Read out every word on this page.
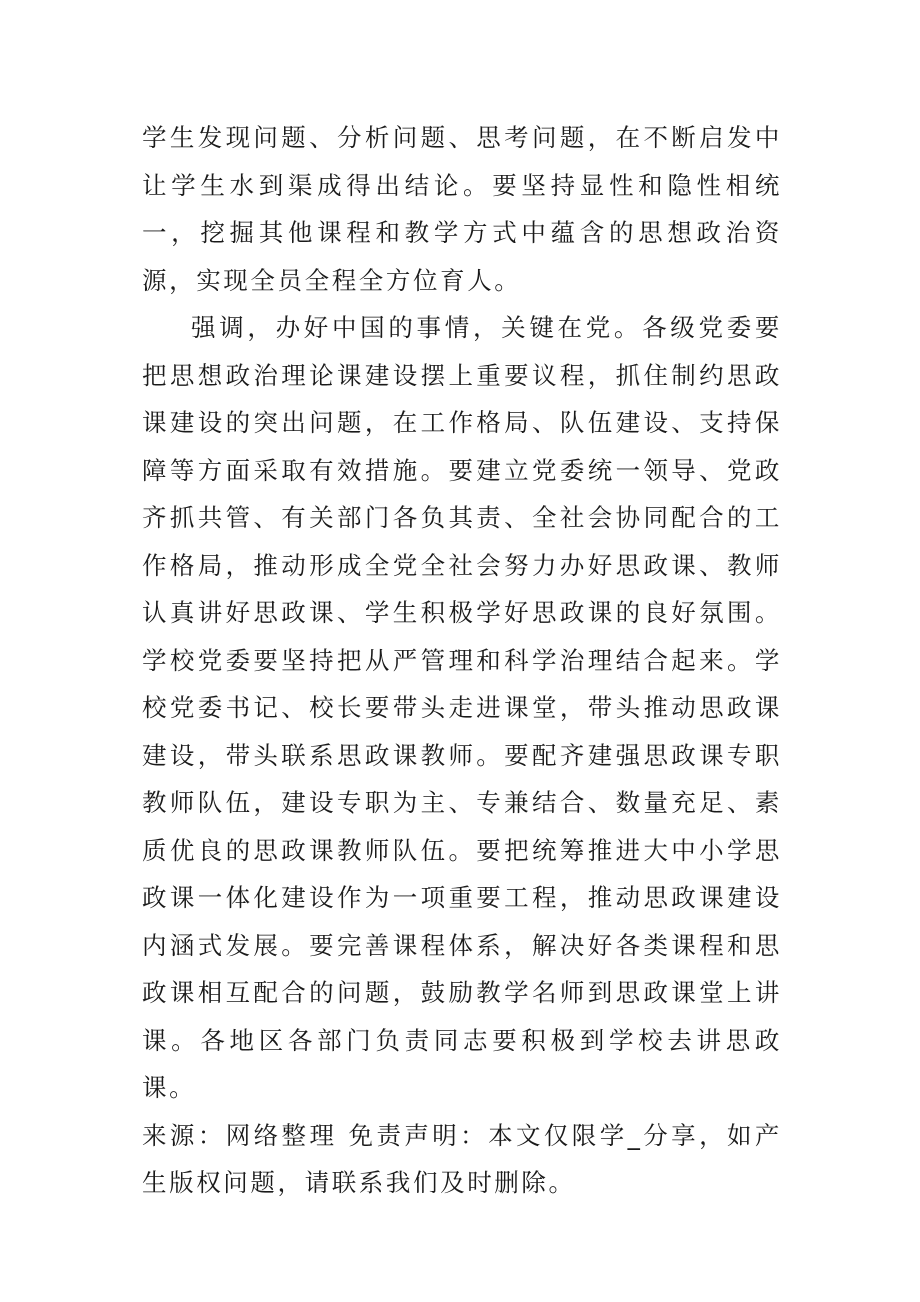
学生发现问题、分析问题、思考问题，在不断启发中让学生水到渠成得出结论。要坚持显性和隐性相统一，挖掘其他课程和教学方式中蕴含的思想政治资源，实现全员全程全方位育人。

强调，办好中国的事情，关键在党。各级党委要把思想政治理论课建设摆上重要议程，抓住制约思政课建设的突出问题，在工作格局、队伍建设、支持保障等方面采取有效措施。要建立党委统一领导、党政齐抓共管、有关部门各负其责、全社会协同配合的工作格局，推动形成全党全社会努力办好思政课、教师认真讲好思政课、学生积极学好思政课的良好氛围。学校党委要坚持把从严管理和科学治理结合起来。学校党委书记、校长要带头走进课堂，带头推动思政课建设，带头联系思政课教师。要配齐建强思政课专职教师队伍，建设专职为主、专兼结合、数量充足、素质优良的思政课教师队伍。要把统筹推进大中小学思政课一体化建设作为一项重要工程，推动思政课建设内涵式发展。要完善课程体系，解决好各类课程和思政课相互配合的问题，鼓励教学名师到思政课堂上讲课。各地区各部门负责同志要积极到学校去讲思政课。

来源：网络整理 免责声明：本文仅限学_分享，如产生版权问题，请联系我们及时删除。
